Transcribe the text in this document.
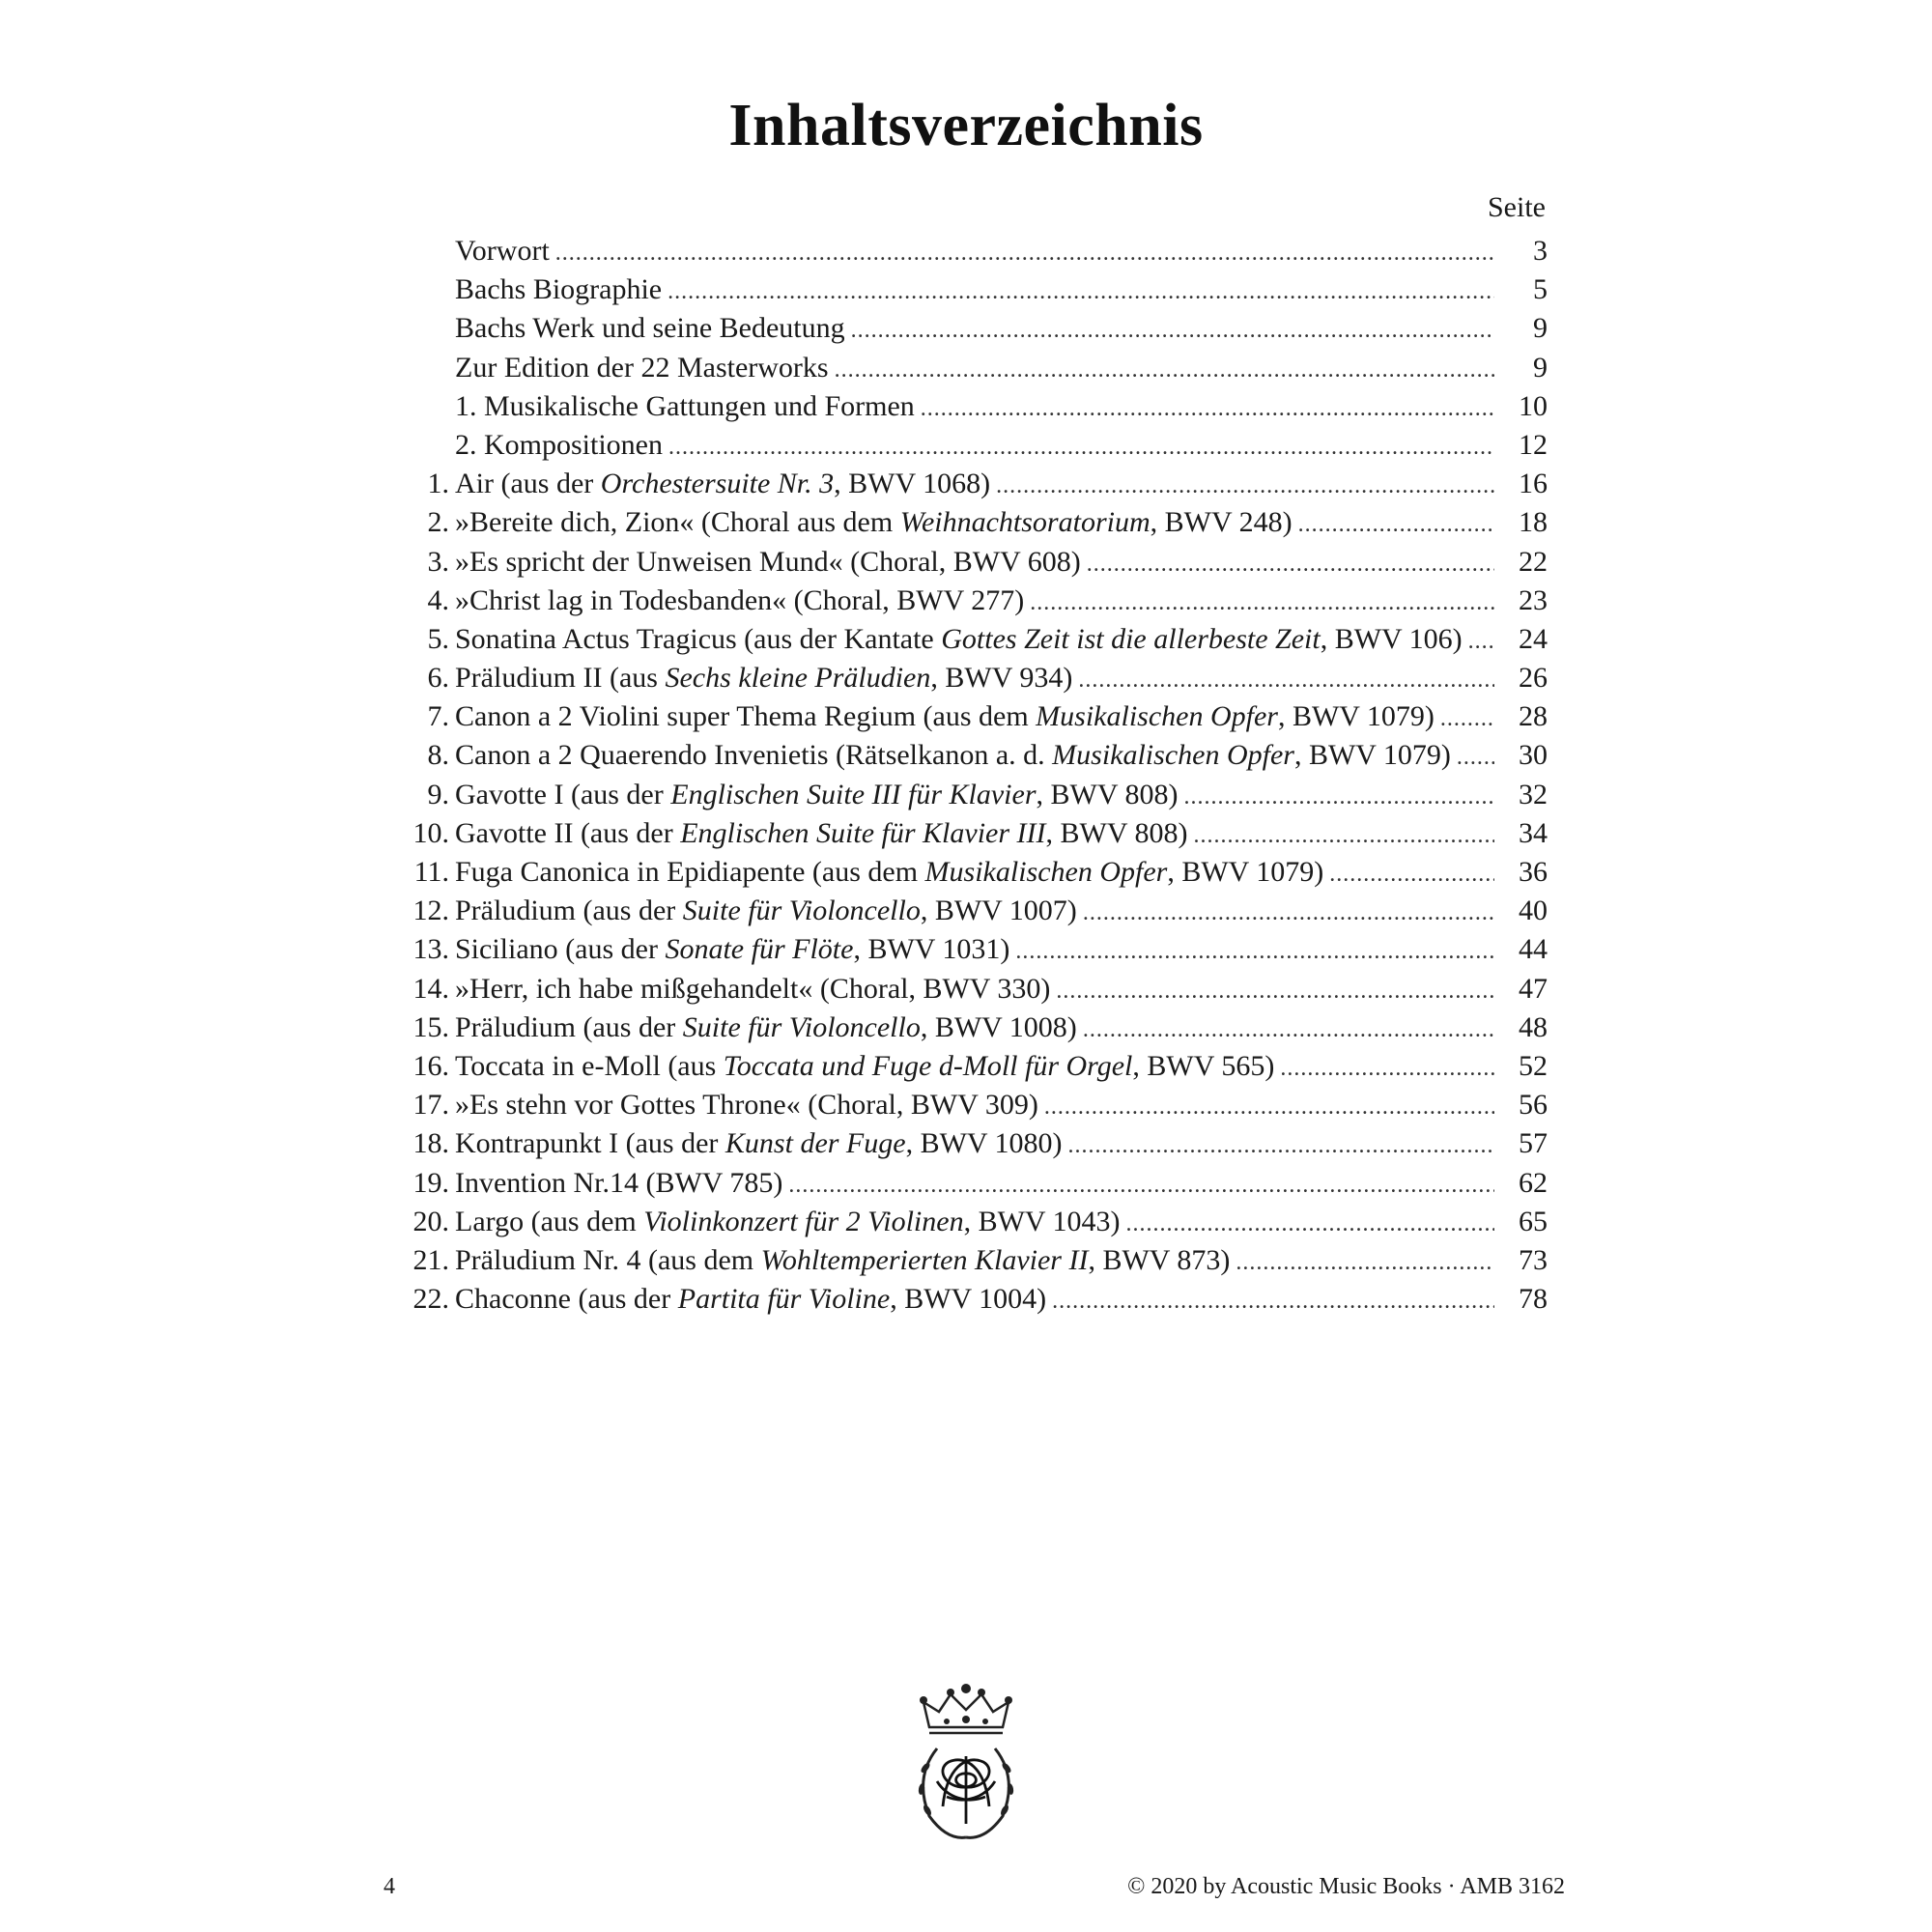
Inhaltsverzeichnis
Seite
Vorwort .....	3
Bachs Biographie .....	5
Bachs Werk und seine Bedeutung .....	9
Zur Edition der 22 Masterworks .....	9
1. Musikalische Gattungen und Formen .....	10
2. Kompositionen .....	12
1. Air (aus der Orchestersuite Nr. 3, BWV 1068) .....	16
2. »Bereite dich, Zion« (Choral aus dem Weihnachtsoratorium, BWV 248) .....	18
3. »Es spricht der Unweisen Mund« (Choral, BWV 608) .....	22
4. »Christ lag in Todesbanden« (Choral, BWV 277) .....	23
5. Sonatina Actus Tragicus (aus der Kantate Gottes Zeit ist die allerbeste Zeit, BWV 106) .....	24
6. Präludium II (aus Sechs kleine Präludien, BWV 934) .....	26
7. Canon a 2 Violini super Thema Regium (aus dem Musikalischen Opfer, BWV 1079) .....	28
8. Canon a 2 Quaerendo Invenietis (Rätselkanon a. d. Musikalischen Opfer, BWV 1079) .....	30
9. Gavotte I (aus der Englischen Suite III für Klavier, BWV 808) .....	32
10. Gavotte II (aus der Englischen Suite für Klavier III, BWV 808) .....	34
11. Fuga Canonica in Epidiapente (aus dem Musikalischen Opfer, BWV 1079) .....	36
12. Präludium (aus der Suite für Violoncello, BWV 1007) .....	40
13. Siciliano (aus der Sonate für Flöte, BWV 1031) .....	44
14. »Herr, ich habe mißgehandelt« (Choral, BWV 330) .....	47
15. Präludium (aus der Suite für Violoncello, BWV 1008) .....	48
16. Toccata in e-Moll (aus Toccata und Fuge d-Moll für Orgel, BWV 565) .....	52
17. »Es stehn vor Gottes Throne« (Choral, BWV 309) .....	56
18. Kontrapunkt I (aus der Kunst der Fuge, BWV 1080) .....	57
19. Invention Nr.14 (BWV 785) .....	62
20. Largo (aus dem Violinkonzert für 2 Violinen, BWV 1043) .....	65
21. Präludium Nr. 4 (aus dem Wohltemperierten Klavier II, BWV 873) .....	73
22. Chaconne (aus der Partita für Violine, BWV 1004) .....	78
4	© 2020 by Acoustic Music Books · AMB 3162
